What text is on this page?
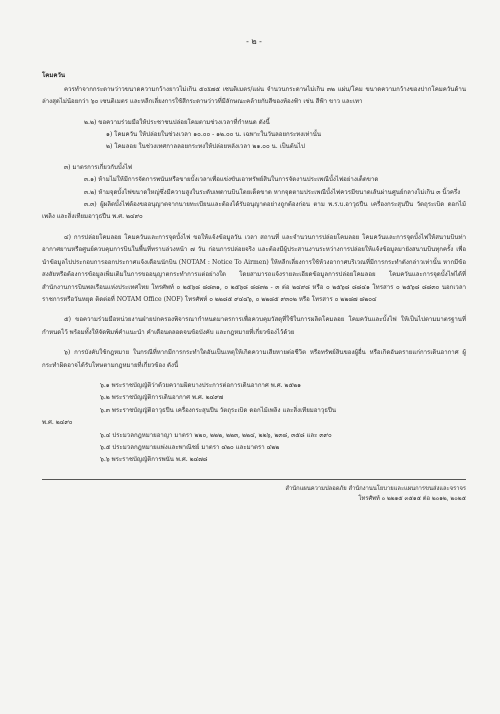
- ๒ -

โคมควัน

ควรทำจากกระดาษว่าวขนาดความกว้างยาวไม่เกิน ๕๐x๗๕ เซนติเมตร/แผ่น จำนวนกระดาษไม่เกิน ๓๒ แผ่น/โคม ขนาดความกว้างของปากโคมควันด้านล่างสุดไม่น้อยกว่า ๖๐ เซนติเมตร และหลีกเลี่ยงการใช้สีกระดาษว่าวที่มีลักษณะคล้ายกับสีของท้องฟ้า เช่น สีฟ้า ขาว และเทา

๒.๒) ขอความร่วมมือให้ประชาชนปล่อยโคมตามช่วงเวลาที่กำหนด ดังนี้

๑) โคมควัน ให้ปล่อยในช่วงเวลา ๑๐.๐๐ - ๑๒.๐๐ น. เฉพาะในวันลอยกระทงเท่านั้น

๒) โคมลอย ในช่วงเทศกาลลอยกระทงให้ปล่อยหลังเวลา ๒๑.๐๐ น. เป็นต้นไป

๓) มาตรการเกี่ยวกับบั้งไฟ

๓.๑) ห้ามไม่ให้มีการจัดการพนันหรือขายบั้งเวลาเพื่อแข่งขันเอาทรัพย์สินในการจัดงานประเพณีบั้งไฟอย่างเด็ดขาด

๓.๒) ห้ามจุดบั้งไฟขนาดใหญ่ซึ่งมีความสูงในระดับเพดานบินโดยเด็ดขาด หากจุดตามประเพณีบั้งไฟควรมีขนาดเส้นผ่านศูนย์กลางไม่เกิน ๓ นิ้วครึ่ง

๓.๓) ผู้ผลิตบั้งไฟต้องขออนุญาตจากนายทะเบียนและต้องได้รับอนุญาตอย่างถูกต้องก่อน ตาม พ.ร.บ.อาวุธปืน เครื่องกระสุนปืน วัตถุระเบิด ดอกไม้เพลิง และสิ่งเทียมอาวุธปืน พ.ศ. ๒๔๙๐

๔) การปล่อยโคมลอย โคมควันและการจุดบั้งไฟ ขอให้แจ้งข้อมูลวัน เวลา สถานที่ และจำนวนการปล่อยโคมลอย โคมควันและการจุดบั้งไฟให้สนามบินท่าอากาศยานหรือศูนย์ควบคุมการบินในพื้นที่ทราบล่วงหน้า ๗ วัน ก่อนการปล่อยจริง และต้องมีผู้ประสานงานระหว่างการปล่อยให้แจ้งข้อมูลมายังสนามบินทุกครั้ง เพื่อนำข้อมูลไปประกอบการออกประกาศแจ้งเตือนนักบิน (NOTAM : Notice To Airmen) ให้หลีกเลี่ยงการใช้ห้วงอากาศบริเวณที่มีการกระทำดังกล่าวเท่านั้น หากมีข้อสงสัยหรือต้องการข้อมูลเพิ่มเติมในการขออนุญาตกระทำการแต่อย่างใด โดยสามารถแจ้งรายละเอียดข้อมูลการปล่อยโคมลอย โคมควันและการจุดบั้งไฟได้ที่สำนักงานการบินพลเรือนแห่งประเทศไทย โทรศัพท์ ๐ ๒๕๖๘ ๘๘๓๑, ๐ ๒๕๖๘ ๘๘๓๒ - ๓ ต่อ ๒๔๙๘ หรือ ๐ ๒๕๖๘ ๘๘๔๑ โทรสาร ๐ ๒๕๖๘ ๘๘๓๐ นอกเวลาราชการหรือวันหยุด ติดต่อที่ NOTAM Office (NOF) โทรศัพท์ ๐ ๒๒๘๕ ๙๔๔๖, ๐ ๒๒๘๕ ๙๓๐๒ หรือ โทรสาร ๐ ๒๒๘๗ ๘๒๐๔

๕) ขอความร่วมมือหน่วยงานฝ่ายปกครองพิจารณากำหนดมาตรการเพื่อควบคุมวัสดุที่ใช้ในการผลิตโคมลอย โคมควันและบั้งไฟ ให้เป็นไปตามมาตรฐานที่กำหนดไว้ พร้อมทั้งให้จัดพิมพ์คำแนะนำ คำเตือนตลอดจนข้อบังคับ และกฎหมายที่เกี่ยวข้องไว้ด้วย

๖) การบังคับใช้กฎหมาย ในกรณีที่หากมีการกระทำใดอันเป็นเหตุให้เกิดความเสียหายต่อชีวิต หรือทรัพย์สินของผู้อื่น หรือเกิดอันตรายแก่การเดินอากาศ ผู้กระทำผิดอาจได้รับโทษตามกฎหมายที่เกี่ยวข้อง ดังนี้

๖.๑ พระราชบัญญัติว่าด้วยความผิดบางประการต่อการเดินอากาศ พ.ศ. ๒๕๒๑

๖.๒ พระราชบัญญัติการเดินอากาศ พ.ศ. ๒๔๙๗

๖.๓ พระราชบัญญัติอาวุธปืน เครื่องกระสุนปืน วัตถุระเบิด ดอกไม้เพลิง และสิ่งเทียมอาวุธปืน

พ.ศ. ๒๔๙๐

๖.๔ ประมวลกฎหมายอาญา มาตรา ๒๒๐, ๒๒๒, ๒๒๓, ๒๒๔, ๒๒๖, ๒๓๘, ๓๕๘ และ ๓๙๐

๖.๕ ประมวลกฎหมายแพ่งและพาณิชย์ มาตรา ๔๒๐ และมาตรา ๔๒๒

๖.๖ พระราชบัญญัติการพนัน พ.ศ. ๒๔๗๘

สำนักแผนความปลอดภัย สำนักงานนโยบายและแผนการขนส่งและจราจร
โทรศัพท์ ๐ ๒๒๑๕ ๓๕๑๕ ต่อ ๒๐๑๒, ๒๐๒๕
